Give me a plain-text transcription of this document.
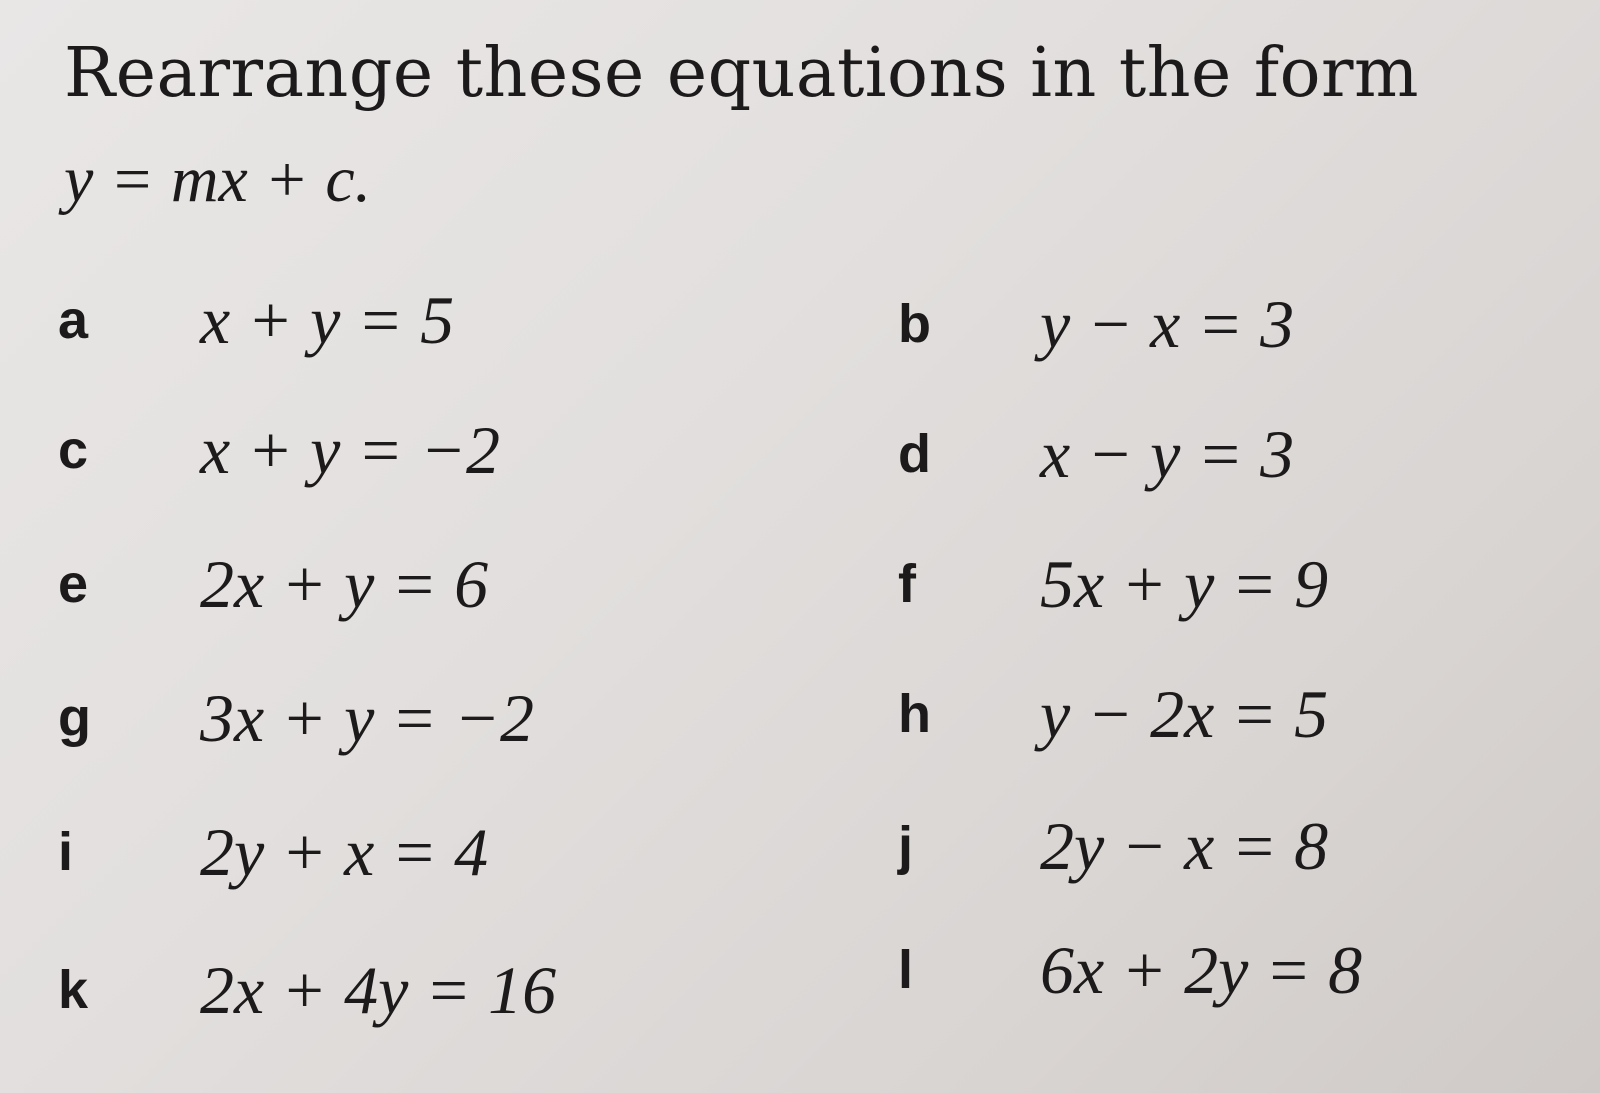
Rearrange these equations in the form
y = mx + c.
a x + y = 5	b y − x = 3
c x + y = −2	d x − y = 3
e 2x + y = 6	f 5x + y = 9
g 3x + y = −2	h y − 2x = 5
i 2y + x = 4	j 2y − x = 8
k 2x + 4y = 16	l 6x + 2y = 8
